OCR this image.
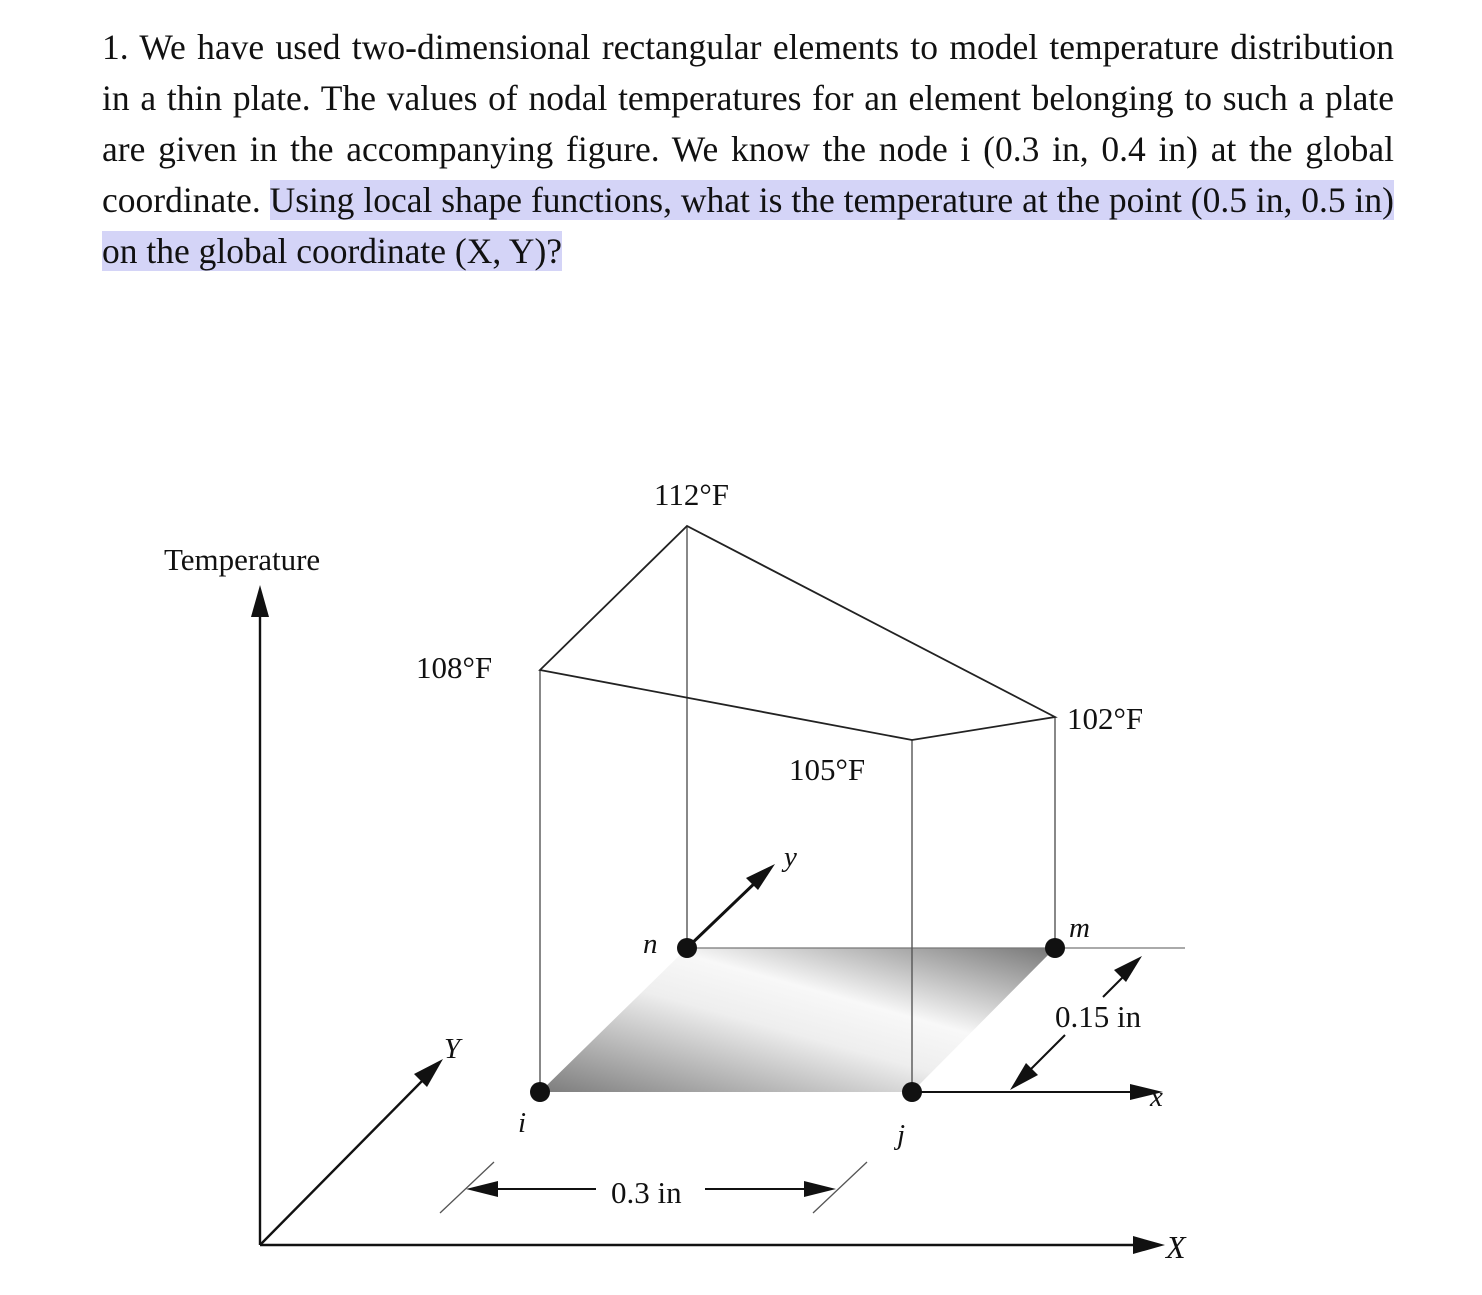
1. We have used two-dimensional rectangular elements to model temperature distribution in a thin plate. The values of nodal temperatures for an element belonging to such a plate are given in the accompanying figure. We know the node i (0.3 in, 0.4 in) at the global coordinate. Using local shape functions, what is the temperature at the point (0.5 in, 0.5 in) on the global coordinate (X, Y)?
Temperature
X
Y
x
y
108°F
105°F
102°F
112°F
i	j
m
n
0.15 in
0.3 in
